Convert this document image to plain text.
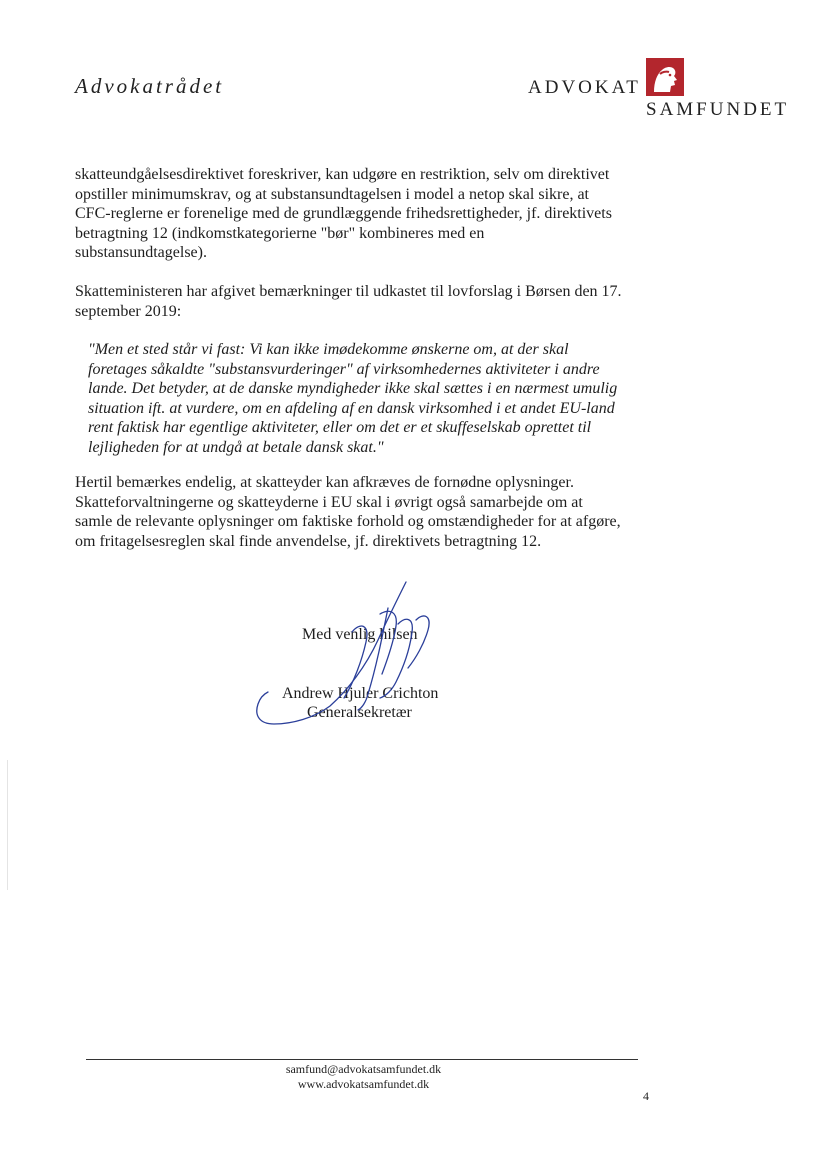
Advokatrådet	ADVOKAT
SAMFUNDET
skatteundgåelsesdirektivet foreskriver, kan udgøre en restriktion, selv om direktivet
opstiller minimumskrav, og at substansundtagelsen i model a netop skal sikre, at
CFC-reglerne er forenelige med de grundlæggende frihedsrettigheder, jf. direktivets
betragtning 12 (indkomstkategorierne "bør" kombineres med en
substansundtagelse).
Skatteministeren har afgivet bemærkninger til udkastet til lovforslag i Børsen den 17.
september 2019:
"Men et sted står vi fast: Vi kan ikke imødekomme ønskerne om, at der skal
foretages såkaldte "substansvurderinger" af virksomhedernes aktiviteter i andre
lande. Det betyder, at de danske myndigheder ikke skal sættes i en nærmest umulig
situation ift. at vurdere, om en afdeling af en dansk virksomhed i et andet EU-land
rent faktisk har egentlige aktiviteter, eller om det er et skuffeselskab oprettet til
lejligheden for at undgå at betale dansk skat."
Hertil bemærkes endelig, at skatteyder kan afkræves de fornødne oplysninger.
Skatteforvaltningerne og skatteyderne i EU skal i øvrigt også samarbejde om at
samle de relevante oplysninger om faktiske forhold og omstændigheder for at afgøre,
om fritagelsesreglen skal finde anvendelse, jf. direktivets betragtning 12.
Med venlig hilsen
Andrew Hjuler Crichton
Generalsekretær
samfund@advokatsamfundet.dk
www.advokatsamfundet.dk
4
